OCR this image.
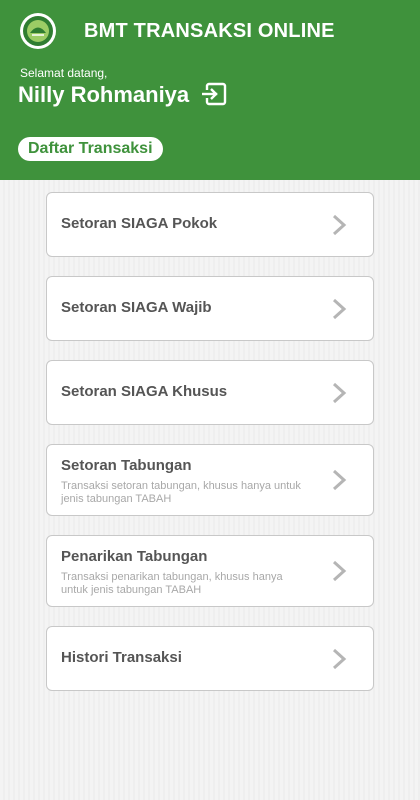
BMT TRANSAKSI ONLINE
Selamat datang,
Nilly Rohmaniya
Daftar Transaksi
Setoran SIAGA Pokok
Setoran SIAGA Wajib
Setoran SIAGA Khusus
Setoran Tabungan
Transaksi setoran tabungan, khusus hanya untuk jenis tabungan TABAH
Penarikan Tabungan
Transaksi penarikan tabungan, khusus hanya untuk jenis tabungan TABAH
Histori Transaksi
